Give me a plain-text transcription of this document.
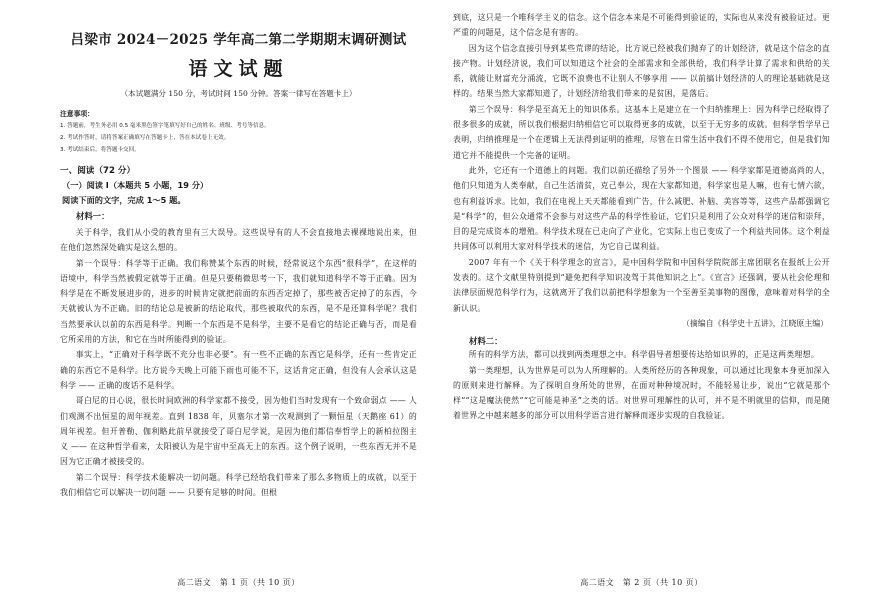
吕梁市 2024－2025 学年高二第二学期期末调研测试

语文试题

（本试题满分 150 分，考试时间 150 分钟。答案一律写在答题卡上）

注意事项：

1. 答题前，考生务必用 0.5 毫米黑色签字笔填写好自己的姓名、班级、考号等信息。

2. 考试作答时，请将答案正确填写在答题卡上，答在本试卷上无效。

3. 考试结束后，将答题卡交回。

一、阅读（72 分）

（一）阅读 I（本题共 5 小题，19 分）

阅读下面的文字，完成 1～5 题。

材料一：

关于科学，我们从小受的教育里有三大误导。这些误导有的人不会直接地去裸裸地说出来，但在他们忽然深处确实是这么想的。

第一个误导：科学等于正确。我们称赞某个东西的时候，经常说这个东西“很科学”，在这样的语境中，科学当然被假定就等于正确。但是只要稍微思考一下，我们就知道科学不等于正确。因为科学是在不断发展进步的，进步的时候肯定就把前面的东西否定掉了，那些被否定掉了的东西，今天就被认为不正确。旧的结论总是被新的结论取代，那些被取代的东西，是不是还算科学呢？我们当然要承认以前的东西是科学。判断一个东西是不是科学，主要不是看它的结论正确与否，而是看它所采用的方法，和它在当时所能得到的验证。

事实上，“正确对于科学既不充分也非必要”。有一些不正确的东西它是科学，还有一些肯定正确的东西它不是科学。比方说今天晚上可能下雨也可能不下，这话肯定正确，但没有人会承认这是科学 —— 正确的废话不是科学。

哥白尼的日心说，很长时间欧洲的科学家都不接受，因为他们当时发现有一个致命弱点 —— 人们观测不出恒星的周年视差。直到 1838 年，贝塞尔才第一次观测到了一颗恒星（天鹅座 61）的周年视差。但开普勒、伽利略此前早就接受了哥白尼学说，是因为他们都信奉哲学上的新柏拉图主义 —— 在这种哲学看来，太阳被认为是宇宙中至高无上的东西。这个例子说明，一些东西无并不是因为它正确才被接受的。

第二个误导：科学技术能解决一切问题。科学已经给我们带来了那么多物质上的成就，以至于我们相信它可以解决一切问题 —— 只要有足够的时间。但根

高二语文　第 1 页（共 10 页）

到底，这只是一个唯科学主义的信念。这个信念本来是不可能得到验证的，实际也从来没有被验证过。更严重的问题是，这个信念是有害的。

因为这个信念直接引导到某些荒谬的结论，比方说已经被我们抛弃了的计划经济，就是这个信念的直接产物。计划经济说，我们可以知道这个社会的全部需求和全部供给，我们科学计算了需求和供给的关系，就能让财富充分涌流，它既不浪费也不让别人不够享用 —— 以前搞计划经济的人的理论基础就是这样的。结果当然大家都知道了，计划经济给我们带来的是贫困，是落后。

第三个误导：科学是至高无上的知识体系。这基本上是建立在一个归纳推理上：因为科学已经取得了很多很多的成就，所以我们根据归纳相信它可以取得更多的成就，以至于无穷多的成就。但科学哲学早已表明，归纳推理是一个在逻辑上无法得到证明的推理，尽管在日常生活中我们不得不使用它，但是我们知道它并不能提供一个完备的证明。

此外，它还有一个道德上的问题。我们以前还描绘了另外一个图景 —— 科学家都是道德高尚的人，他们只知道为人类奉献，自己生活清贫，克己奉公，现在大家都知道，科学家也是人嘛，也有七情六欲，也有利益诉求。比如，我们在电视上天天都能看到广告，什么减肥、补脑、美容等等，这些产品都强调它是“科学”的，但公众通常不会参与对这些产品的科学性验证，它们只是利用了公众对科学的迷信和崇拜，目的是完成资本的增殖。科学技术现在已走向了产业化，它实际上也已变成了一个利益共同体。这个利益共同体可以利用大家对科学技术的迷信，为它自己谋利益。

2007 年有一个《关于科学理念的宣言》，是中国科学院和中国科学院院部主席团联名在报纸上公开发表的。这个文献里特别提到“避免把科学知识凌驾于其他知识之上”。《宣言》还强调，要从社会伦理和法律层面规范科学行为，这就离开了我们以前把科学想象为一个至善至美事物的图像，意味着对科学的全新认识。

（摘编自《科学史十五讲》，江晓原主编）

材料二：

所有的科学方法，都可以找到两类理想之中。科学倡导者想要传达给如识界的，正是这两类理想。

第一类理想，认为世界是可以为人所理解的。人类所经历的各种现象，可以通过比现象本身更加深入的原则来进行解释。为了探明自身所处的世界，在面对种种境况时，不能轻易让步，说出“它就是那个样”“这是魔法使然”“它可能是神圣”之类的话。对世界可理解性的认可，并不是不明就里的信仰，而是随着世界之中越来越多的部分可以用科学语言进行解释而逐步实现的自我验证。

高二语文　第 2 页（共 10 页）
